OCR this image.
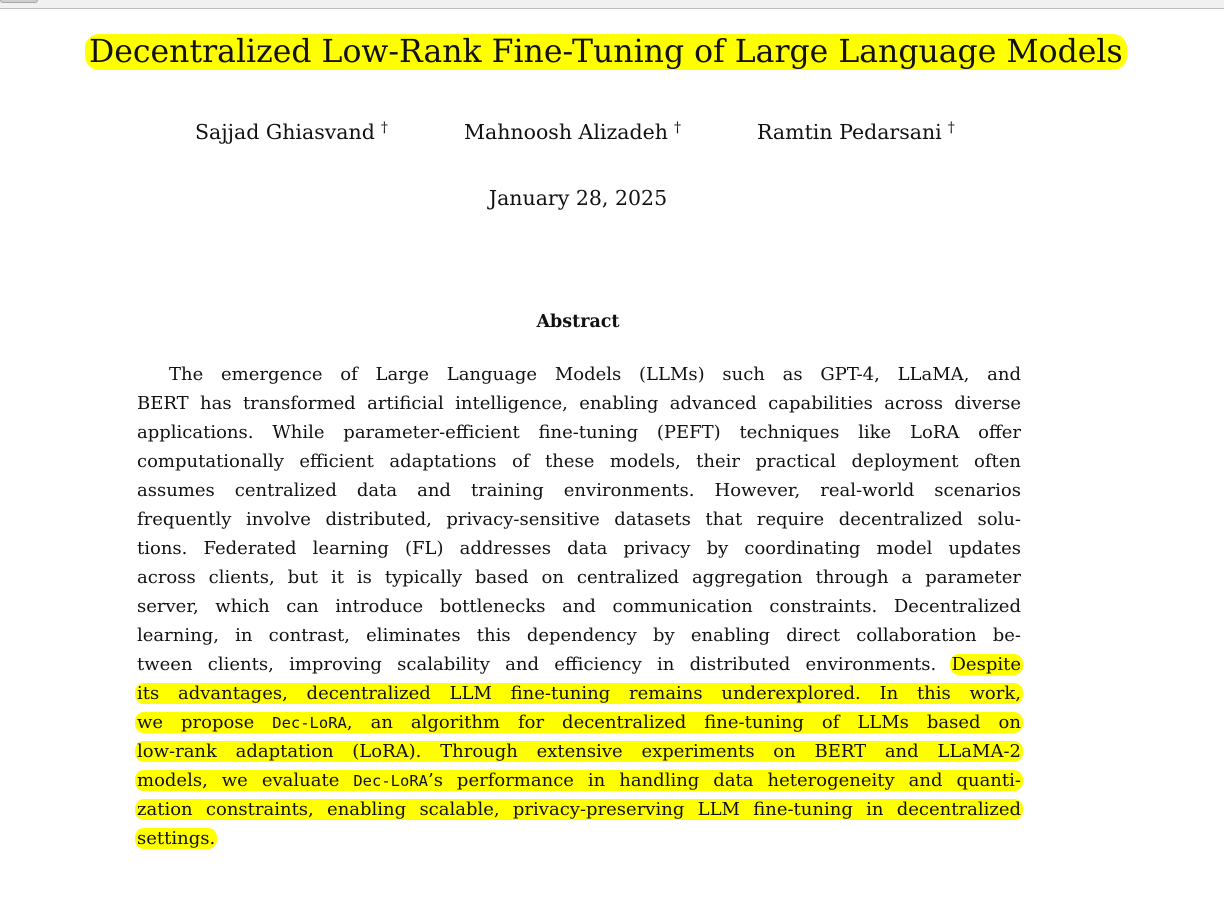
Decentralized Low-Rank Fine-Tuning of Large Language Models
Sajjad Ghiasvand †	Mahnoosh Alizadeh †	Ramtin Pedarsani †
January 28, 2025
Abstract
The emergence of Large Language Models (LLMs) such as GPT-4, LLaMA, and
BERT has transformed artificial intelligence, enabling advanced capabilities across diverse
applications. While parameter-efficient fine-tuning (PEFT) techniques like LoRA offer
computationally efficient adaptations of these models, their practical deployment often
assumes centralized data and training environments. However, real-world scenarios
frequently involve distributed, privacy-sensitive datasets that require decentralized solu-
tions. Federated learning (FL) addresses data privacy by coordinating model updates
across clients, but it is typically based on centralized aggregation through a parameter
server, which can introduce bottlenecks and communication constraints. Decentralized
learning, in contrast, eliminates this dependency by enabling direct collaboration be-
tween clients, improving scalability and efficiency in distributed environments. Despite
its advantages, decentralized LLM fine-tuning remains underexplored. In this work,
we propose Dec-LoRA, an algorithm for decentralized fine-tuning of LLMs based on
low-rank adaptation (LoRA). Through extensive experiments on BERT and LLaMA-2
models, we evaluate Dec-LoRA’s performance in handling data heterogeneity and quanti-
zation constraints, enabling scalable, privacy-preserving LLM fine-tuning in decentralized
settings.
